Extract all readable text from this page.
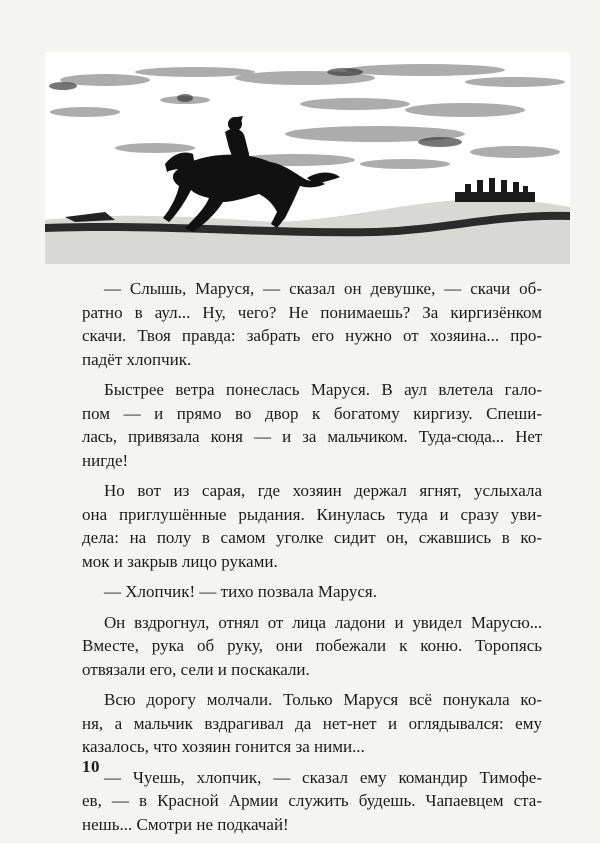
— Слышь, Маруся, — сказал он девушке, — скачи об-
ратно в аул... Ну, чего? Не понимаешь? За киргизёнком
скачи. Твоя правда: забрать его нужно от хозяина... про-
падёт хлопчик.
Быстрее ветра понеслась Маруся. В аул влетела гало-
пом — и прямо во двор к богатому киргизу. Спеши-
лась, привязала коня — и за мальчиком. Туда-сюда... Нет
нигде!
Но вот из сарая, где хозяин держал ягнят, услыхала
она приглушённые рыдания. Кинулась туда и сразу уви-
дела: на полу в самом уголке сидит он, сжавшись в ко-
мок и закрыв лицо руками.
— Хлопчик! — тихо позвала Маруся.
Он вздрогнул, отнял от лица ладони и увидел Марусю...
Вместе, рука об руку, они побежали к коню. Торопясь
отвязали его, сели и поскакали.
Всю дорогу молчали. Только Маруся всё понукала ко-
ня, а мальчик вздрагивал да нет-нет и оглядывался: ему
казалось, что хозяин гонится за ними...
— Чуешь, хлопчик, — сказал ему командир Тимофе-
ев, — в Красной Армии служить будешь. Чапаевцем ста-
нешь... Смотри не подкачай!
10
